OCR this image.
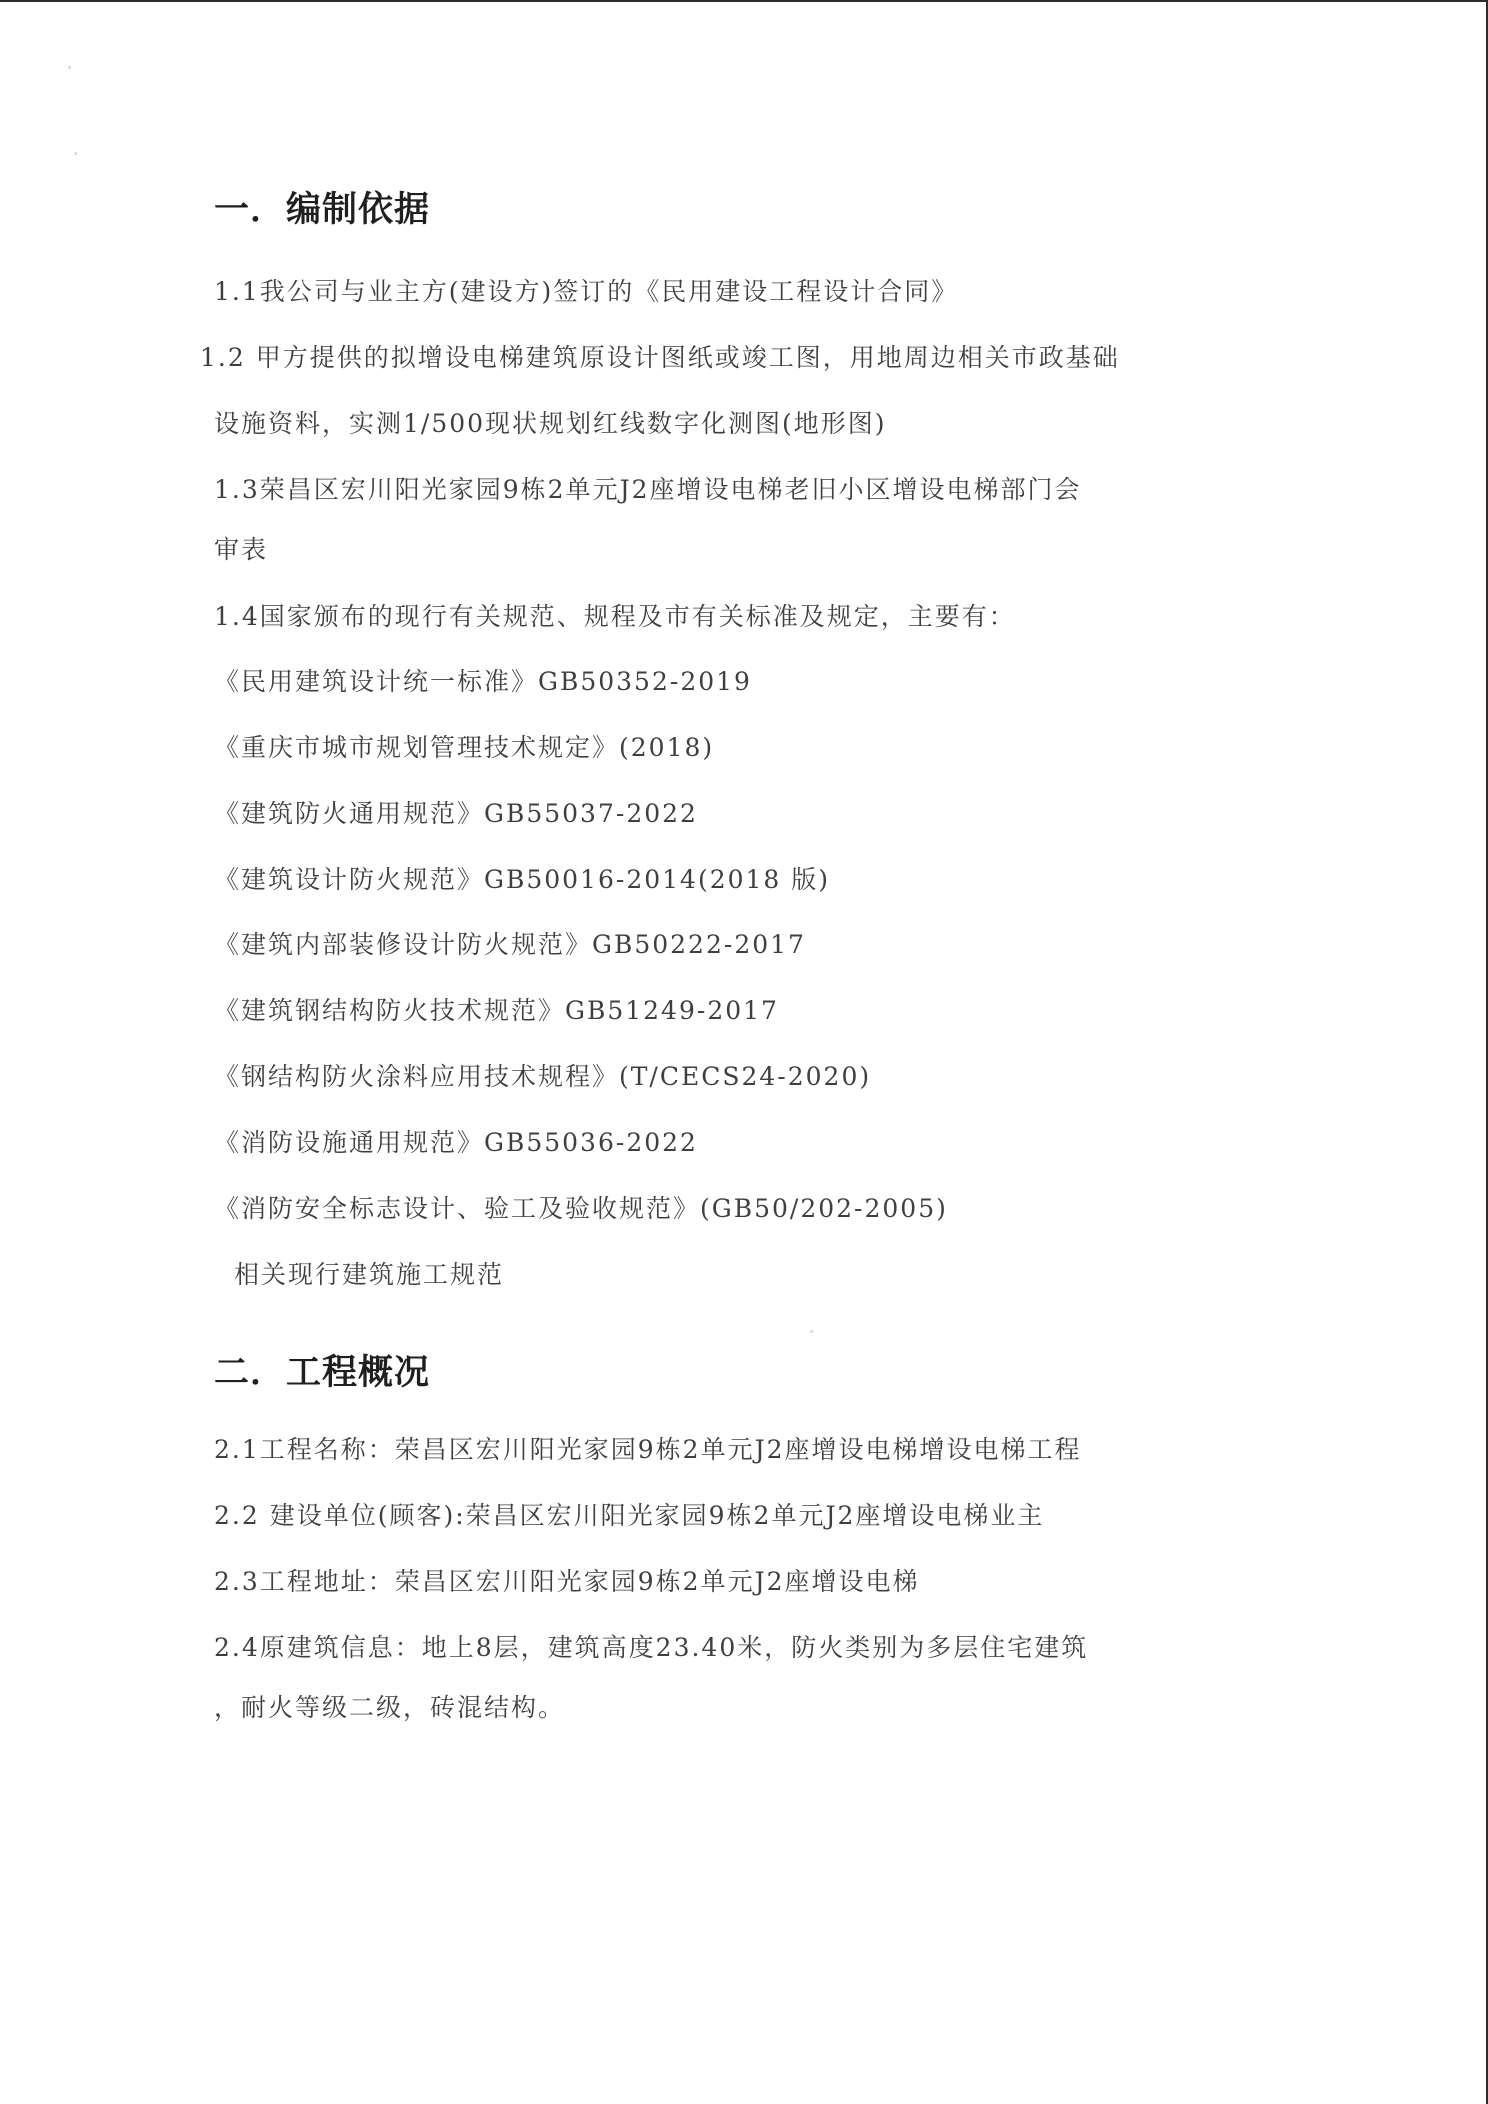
一．编制依据
1.1我公司与业主方(建设方)签订的《民用建设工程设计合同》
1.2 甲方提供的拟增设电梯建筑原设计图纸或竣工图，用地周边相关市政基础
设施资料，实测1/500现状规划红线数字化测图(地形图)
1.3荣昌区宏川阳光家园9栋2单元J2座增设电梯老旧小区增设电梯部门会
审表
1.4国家颁布的现行有关规范、规程及市有关标准及规定，主要有：
《民用建筑设计统一标准》GB50352-2019
《重庆市城市规划管理技术规定》(2018)
《建筑防火通用规范》GB55037-2022
《建筑设计防火规范》GB50016-2014(2018 版)
《建筑内部装修设计防火规范》GB50222-2017
《建筑钢结构防火技术规范》GB51249-2017
《钢结构防火涂料应用技术规程》(T/CECS24-2020)
《消防设施通用规范》GB55036-2022
《消防安全标志设计、验工及验收规范》(GB50/202-2005)
相关现行建筑施工规范
二．工程概况
2.1工程名称：荣昌区宏川阳光家园9栋2单元J2座增设电梯增设电梯工程
2.2 建设单位(顾客):荣昌区宏川阳光家园9栋2单元J2座增设电梯业主
2.3工程地址：荣昌区宏川阳光家园9栋2单元J2座增设电梯
2.4原建筑信息：地上8层，建筑高度23.40米，防火类别为多层住宅建筑
，耐火等级二级，砖混结构。
